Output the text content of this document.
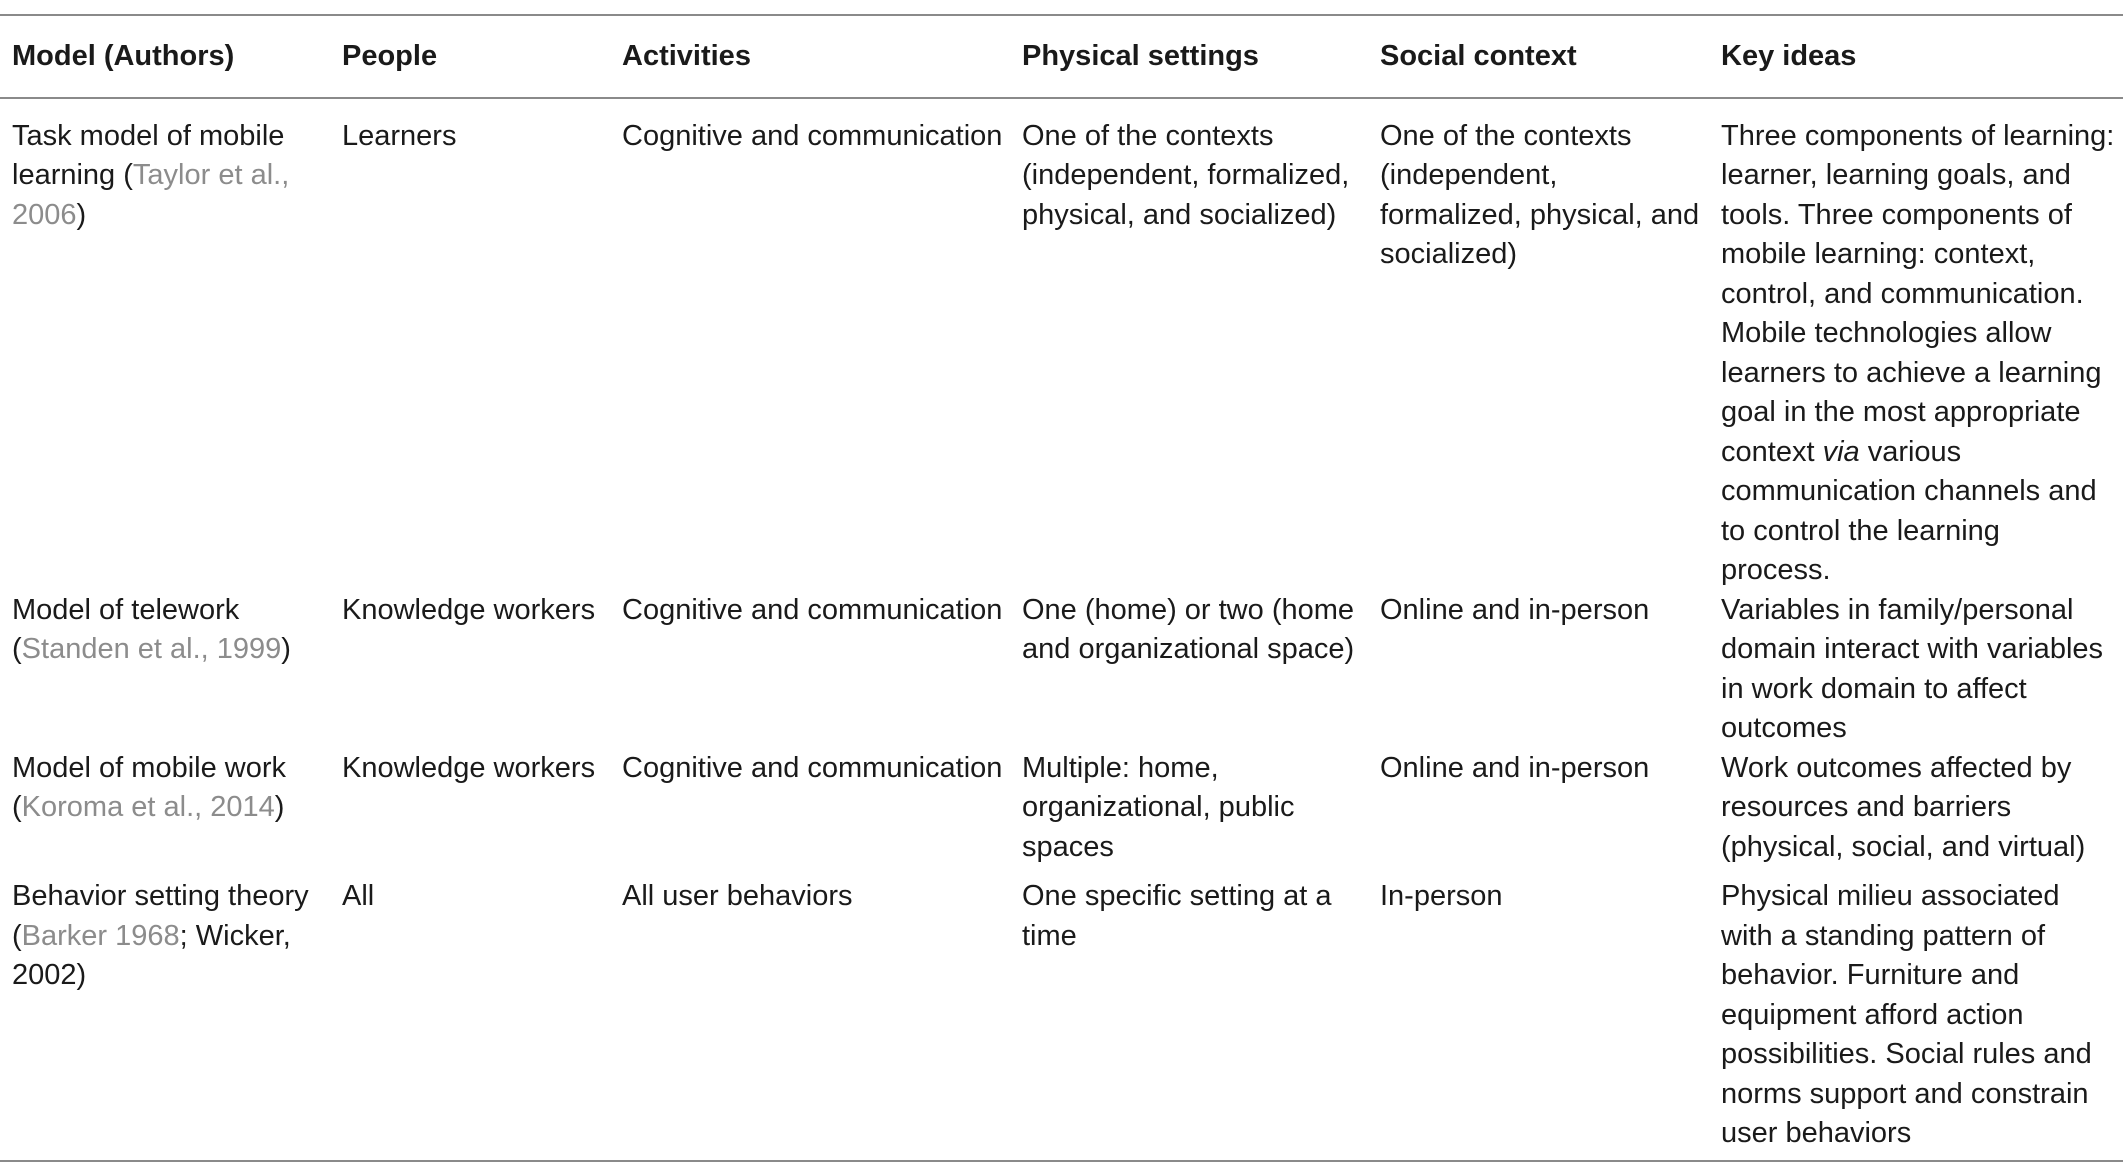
Model (Authors)	People	Activities	Physical settings	Social context	Key ideas
Task model of mobile learning (Taylor et al., 2006)	Learners	Cognitive and communication	One of the contexts (independent, formalized, physical, and socialized)	One of the contexts (independent, formalized, physical, and socialized)	Three components of learning: learner, learning goals, and tools. Three components of mobile learning: context, control, and communication. Mobile technologies allow learners to achieve a learning goal in the most appropriate context via various communication channels and to control the learning process.
Model of telework (Standen et al., 1999)	Knowledge workers	Cognitive and communication	One (home) or two (home and organizational space)	Online and in-person	Variables in family/personal domain interact with variables in work domain to affect outcomes
Model of mobile work (Koroma et al., 2014)	Knowledge workers	Cognitive and communication	Multiple: home, organizational, public spaces	Online and in-person	Work outcomes affected by resources and barriers (physical, social, and virtual)
Behavior setting theory (Barker 1968; Wicker, 2002)	All	All user behaviors	One specific setting at a time	In-person	Physical milieu associated with a standing pattern of behavior. Furniture and equipment afford action possibilities. Social rules and norms support and constrain user behaviors
